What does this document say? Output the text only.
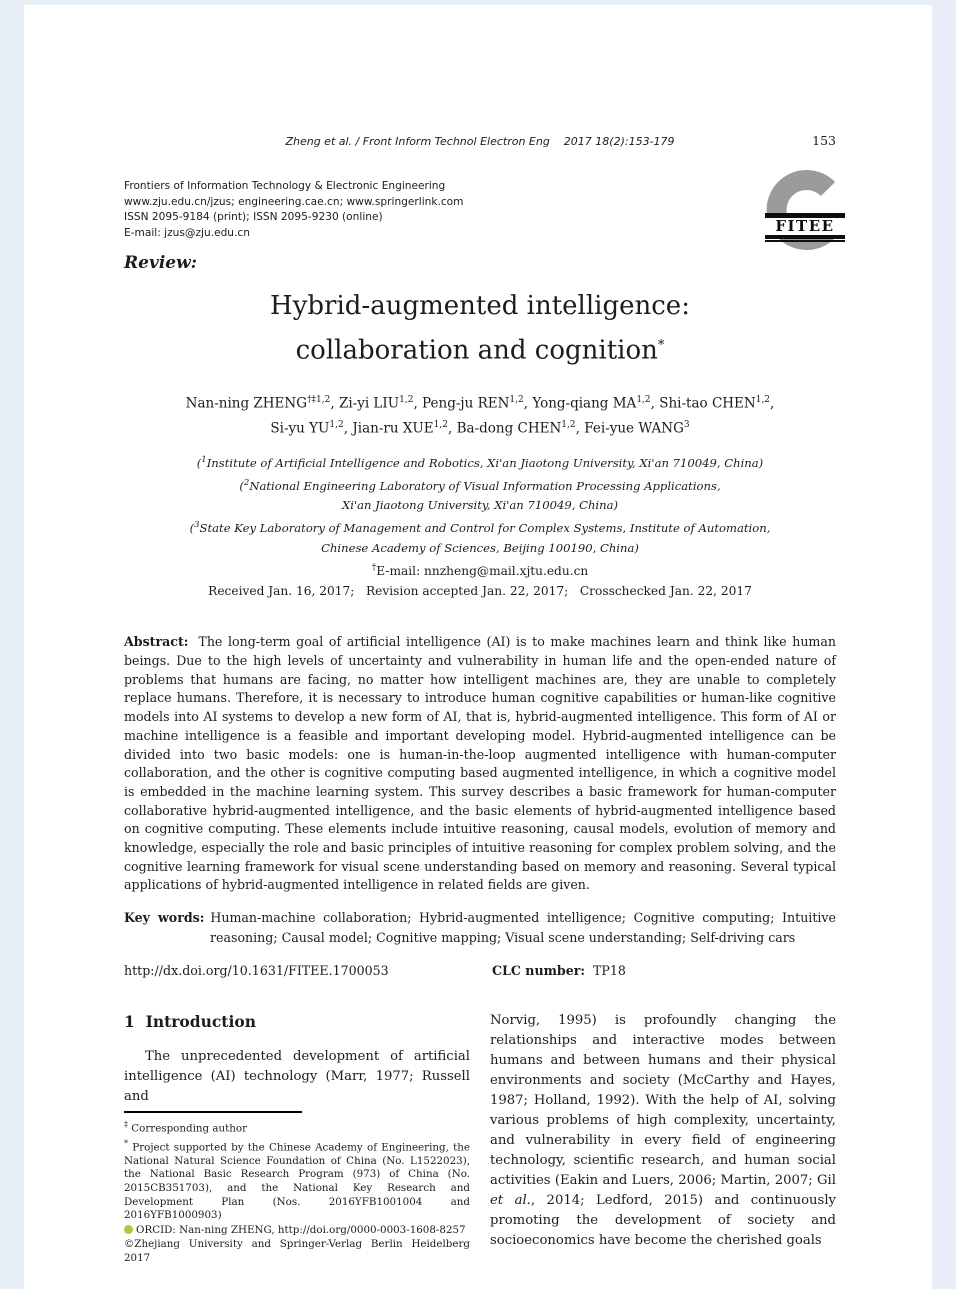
Zheng et al. / Front Inform Technol Electron Eng    2017 18(2):153-179	153
Frontiers of Information Technology & Electronic Engineering
www.zju.edu.cn/jzus; engineering.cae.cn; www.springerlink.com
ISSN 2095-9184 (print); ISSN 2095-9230 (online)
E-mail: jzus@zju.edu.cn	FITEE
Review:
Hybrid-augmented intelligence:
collaboration and cognition*
Nan-ning ZHENG$^{\dagger\ddagger 1,2}$, Zi-yi LIU$^{1,2}$, Peng-ju REN$^{1,2}$, Yong-qiang MA$^{1,2}$, Shi-tao CHEN$^{1,2}$,
Si-yu YU$^{1,2}$, Jian-ru XUE$^{1,2}$, Ba-dong CHEN$^{1,2}$, Fei-yue WANG$^3$
($^1$Institute of Artificial Intelligence and Robotics, Xi'an Jiaotong University, Xi'an 710049, China)
($^2$National Engineering Laboratory of Visual Information Processing Applications,
Xi'an Jiaotong University, Xi'an 710049, China)
($^3$State Key Laboratory of Management and Control for Complex Systems, Institute of Automation,
Chinese Academy of Sciences, Beijing 100190, China)
†E-mail: nnzheng@mail.xjtu.edu.cn
Received Jan. 16, 2017;   Revision accepted Jan. 22, 2017;   Crosschecked Jan. 22, 2017

Abstract: The long-term goal of artificial intelligence (AI) is to make machines learn and think like human beings. Due to the high levels of uncertainty and vulnerability in human life and the open-ended nature of problems that humans are facing, no matter how intelligent machines are, they are unable to completely replace humans. Therefore, it is necessary to introduce human cognitive capabilities or human-like cognitive models into AI systems to develop a new form of AI, that is, hybrid-augmented intelligence. This form of AI or machine intelligence is a feasible and important developing model. Hybrid-augmented intelligence can be divided into two basic models: one is human-in-the-loop augmented intelligence with human-computer collaboration, and the other is cognitive computing based augmented intelligence, in which a cognitive model is embedded in the machine learning system. This survey describes a basic framework for human-computer collaborative hybrid-augmented intelligence, and the basic elements of hybrid-augmented intelligence based on cognitive computing. These elements include intuitive reasoning, causal models, evolution of memory and knowledge, especially the role and basic principles of intuitive reasoning for complex problem solving, and the cognitive learning framework for visual scene understanding based on memory and reasoning. Several typical applications of hybrid-augmented intelligence in related fields are given.

Key words: Human-machine collaboration; Hybrid-augmented intelligence; Cognitive computing; Intuitive reasoning; Causal model; Cognitive mapping; Visual scene understanding; Self-driving cars

http://dx.doi.org/10.1631/FITEE.1700053	CLC number: TP18
1  Introduction

The unprecedented development of artificial intelligence (AI) technology (Marr, 1977; Russell and

‡ Corresponding author

* Project supported by the Chinese Academy of Engineering, the National Natural Science Foundation of China (No. L1522023), the National Basic Research Program (973) of China (No. 2015CB351703), and the National Key Research and Development Plan (Nos. 2016YFB1001004 and 2016YFB1000903)

ORCID: Nan-ning ZHENG, http://doi.org/0000-0003-1608-8257

©Zhejiang University and Springer-Verlag Berlin Heidelberg 2017

Norvig, 1995) is profoundly changing the relationships and interactive modes between humans and between humans and their physical environments and society (McCarthy and Hayes, 1987; Holland, 1992). With the help of AI, solving various problems of high complexity, uncertainty, and vulnerability in every field of engineering technology, scientific research, and human social activities (Eakin and Luers, 2006; Martin, 2007; Gil et al., 2014; Ledford, 2015) and continuously promoting the development of society and socioeconomics have become the cherished goals
